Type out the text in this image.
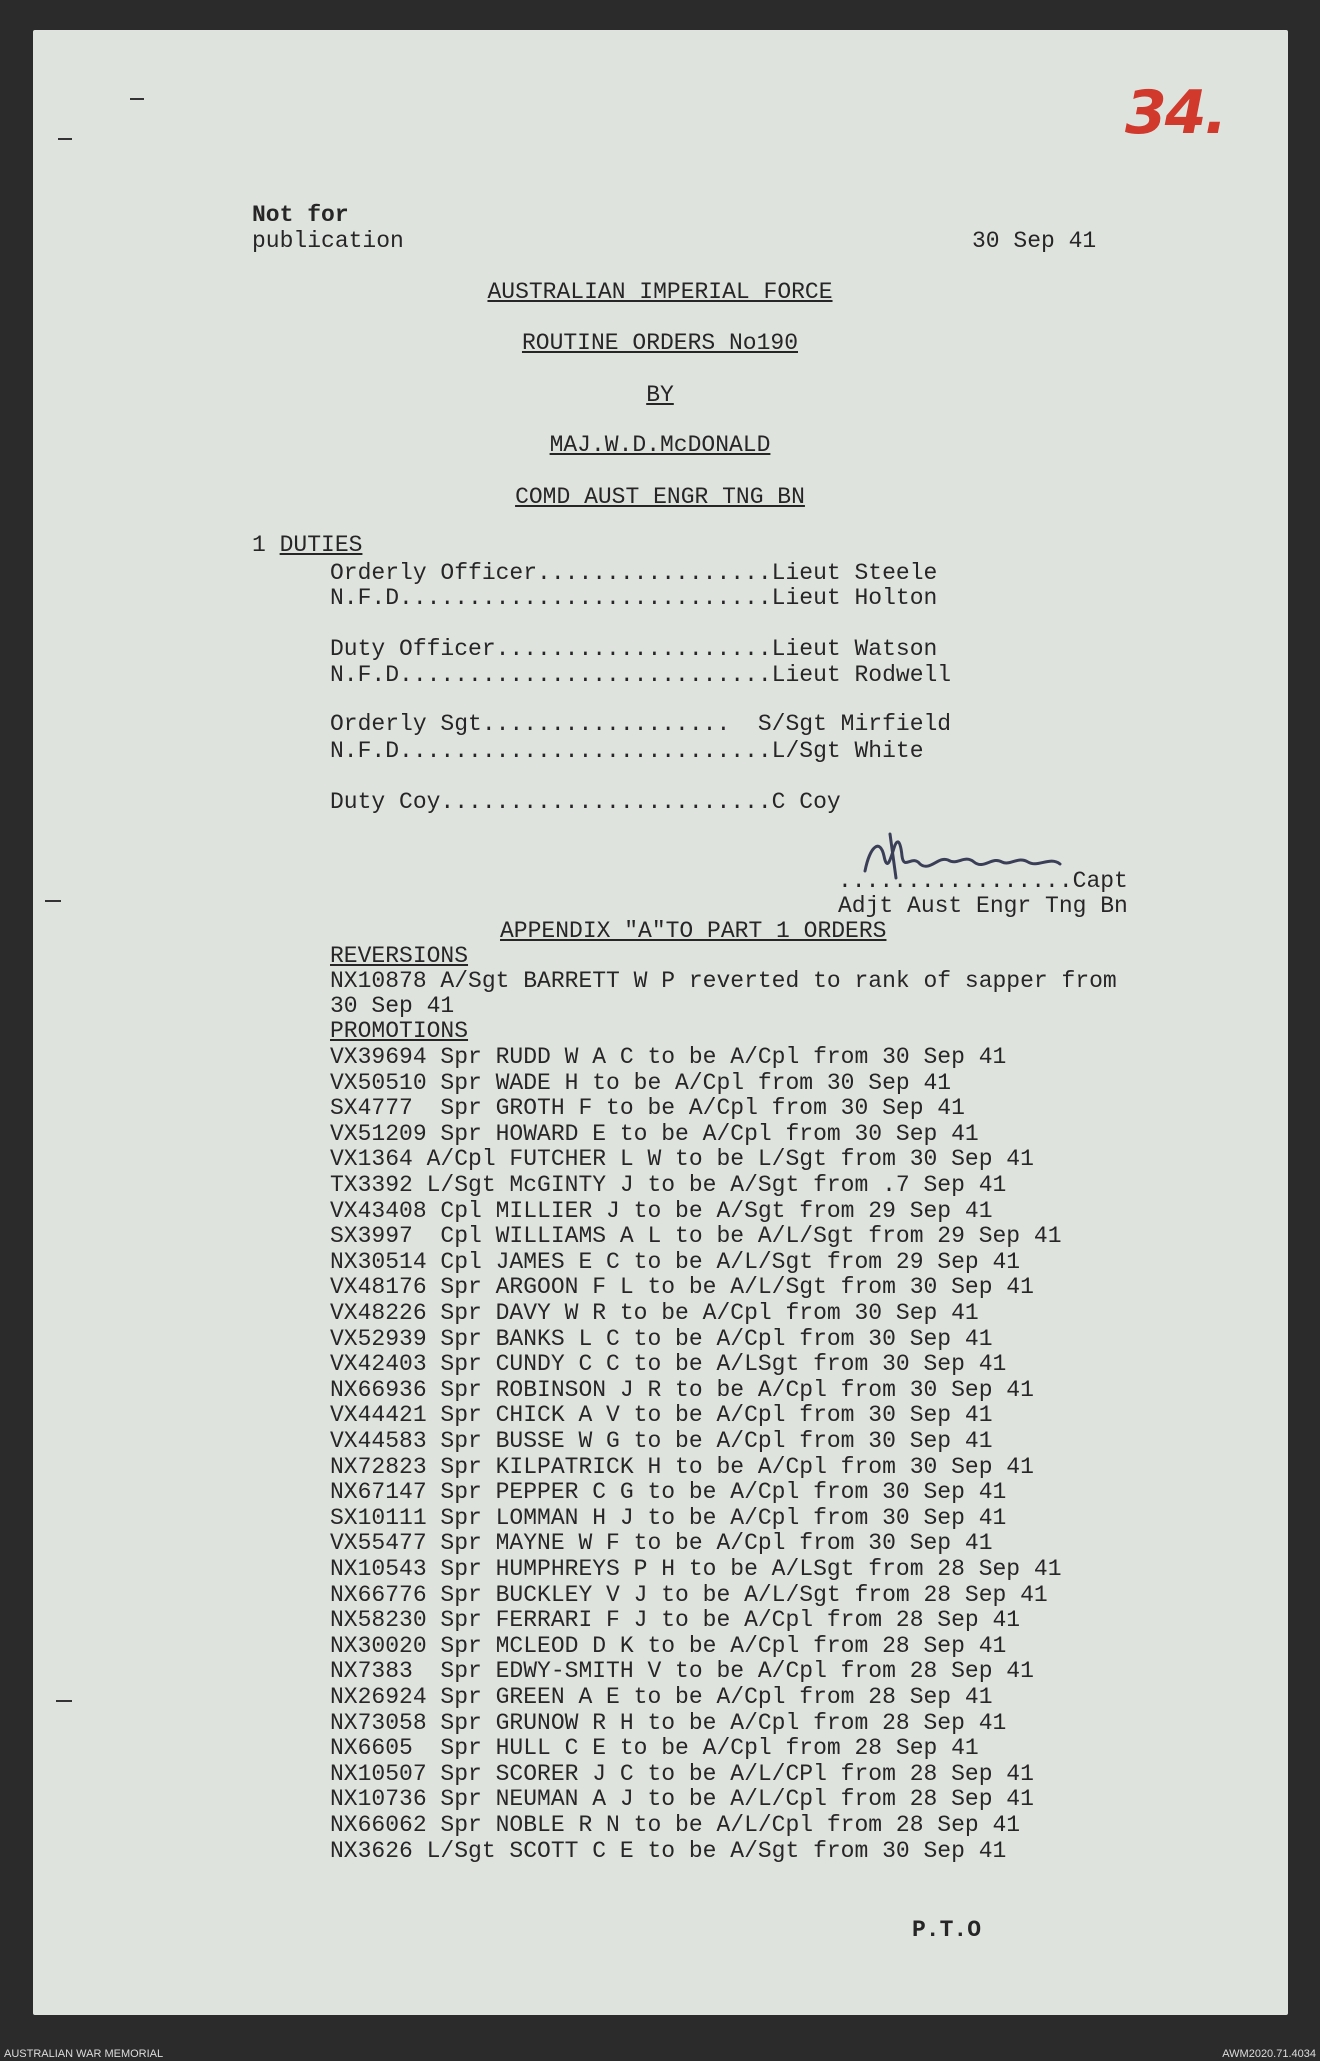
34.
Not for
publication	30 Sep 41
AUSTRALIAN IMPERIAL FORCE
ROUTINE ORDERS No190
BY
MAJ.W.D.McDONALD
COMD AUST ENGR TNG BN
1 DUTIES
Orderly Officer.................Lieut Steele
N.F.D...........................Lieut Holton
Duty Officer....................Lieut Watson
N.F.D...........................Lieut Rodwell
Orderly Sgt..................  S/Sgt Mirfield
N.F.D...........................L/Sgt White
Duty Coy........................C Coy
.................Capt
Adjt Aust Engr Tng Bn
APPENDIX "A"TO PART 1 ORDERS
REVERSIONS
NX10878 A/Sgt BARRETT W P reverted to rank of sapper from
30 Sep 41
PROMOTIONS
VX39694 Spr RUDD W A C to be A/Cpl from 30 Sep 41
VX50510 Spr WADE H to be A/Cpl from 30 Sep 41
SX4777  Spr GROTH F to be A/Cpl from 30 Sep 41
VX51209 Spr HOWARD E to be A/Cpl from 30 Sep 41
VX1364 A/Cpl FUTCHER L W to be L/Sgt from 30 Sep 41
TX3392 L/Sgt McGINTY J to be A/Sgt from .7 Sep 41
VX43408 Cpl MILLIER J to be A/Sgt from 29 Sep 41
SX3997  Cpl WILLIAMS A L to be A/L/Sgt from 29 Sep 41
NX30514 Cpl JAMES E C to be A/L/Sgt from 29 Sep 41
VX48176 Spr ARGOON F L to be A/L/Sgt from 30 Sep 41
VX48226 Spr DAVY W R to be A/Cpl from 30 Sep 41
VX52939 Spr BANKS L C to be A/Cpl from 30 Sep 41
VX42403 Spr CUNDY C C to be A/LSgt from 30 Sep 41
NX66936 Spr ROBINSON J R to be A/Cpl from 30 Sep 41
VX44421 Spr CHICK A V to be A/Cpl from 30 Sep 41
VX44583 Spr BUSSE W G to be A/Cpl from 30 Sep 41
NX72823 Spr KILPATRICK H to be A/Cpl from 30 Sep 41
NX67147 Spr PEPPER C G to be A/Cpl from 30 Sep 41
SX10111 Spr LOMMAN H J to be A/Cpl from 30 Sep 41
VX55477 Spr MAYNE W F to be A/Cpl from 30 Sep 41
NX10543 Spr HUMPHREYS P H to be A/LSgt from 28 Sep 41
NX66776 Spr BUCKLEY V J to be A/L/Sgt from 28 Sep 41
NX58230 Spr FERRARI F J to be A/Cpl from 28 Sep 41
NX30020 Spr MCLEOD D K to be A/Cpl from 28 Sep 41
NX7383  Spr EDWY-SMITH V to be A/Cpl from 28 Sep 41
NX26924 Spr GREEN A E to be A/Cpl from 28 Sep 41
NX73058 Spr GRUNOW R H to be A/Cpl from 28 Sep 41
NX6605  Spr HULL C E to be A/Cpl from 28 Sep 41
NX10507 Spr SCORER J C to be A/L/CPl from 28 Sep 41
NX10736 Spr NEUMAN A J to be A/L/Cpl from 28 Sep 41
NX66062 Spr NOBLE R N to be A/L/Cpl from 28 Sep 41
NX3626 L/Sgt SCOTT C E to be A/Sgt from 30 Sep 41
P.T.O
AUSTRALIAN WAR MEMORIAL	AWM2020.71.4034
